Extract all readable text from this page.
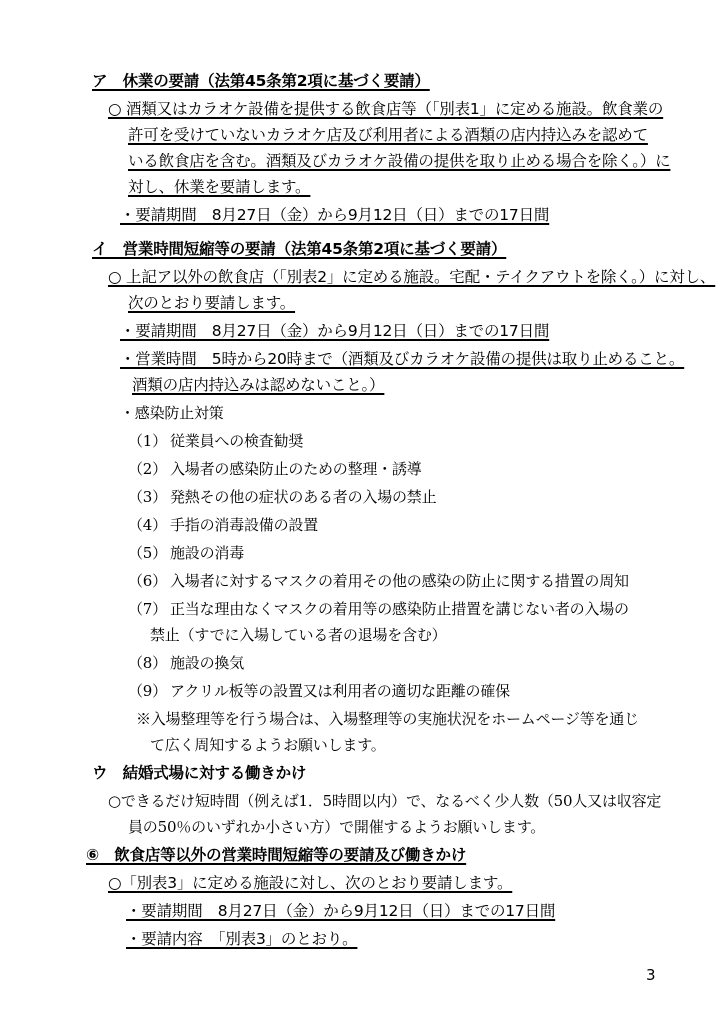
ア　休業の要請（法第45条第2項に基づく要請）
○ 酒類又はカラオケ設備を提供する飲食店等（「別表1」に定める施設。飲食業の
許可を受けていないカラオケ店及び利用者による酒類の店内持込みを認めて
いる飲食店を含む。酒類及びカラオケ設備の提供を取り止める場合を除く。）に
対し、休業を要請します。
・要請期間　8月27日（金）から9月12日（日）までの17日間
イ　営業時間短縮等の要請（法第45条第2項に基づく要請）
○ 上記ア以外の飲食店（「別表2」に定める施設。宅配・テイクアウトを除く。）に対し、
次のとおり要請します。
・要請期間　8月27日（金）から9月12日（日）までの17日間
・営業時間　5時から20時まで（酒類及びカラオケ設備の提供は取り止めること。
酒類の店内持込みは認めないこと。）
・感染防止対策
（1） 従業員への検査勧奨
（2） 入場者の感染防止のための整理・誘導
（3） 発熱その他の症状のある者の入場の禁止
（4） 手指の消毒設備の設置
（5） 施設の消毒
（6） 入場者に対するマスクの着用その他の感染の防止に関する措置の周知
（7） 正当な理由なくマスクの着用等の感染防止措置を講じない者の入場の
禁止（すでに入場している者の退場を含む）
（8） 施設の換気
（9） アクリル板等の設置又は利用者の適切な距離の確保
※入場整理等を行う場合は、入場整理等の実施状況をホームページ等を通じ
て広く周知するようお願いします。
ウ　結婚式場に対する働きかけ
○できるだけ短時間（例えば1．5時間以内）で、なるべく少人数（50人又は収容定
員の50％のいずれか小さい方）で開催するようお願いします。
⑥　飲食店等以外の営業時間短縮等の要請及び働きかけ
○「別表3」に定める施設に対し、次のとおり要請します。
・要請期間　8月27日（金）から9月12日（日）までの17日間
・要請内容　「別表3」のとおり。
3
